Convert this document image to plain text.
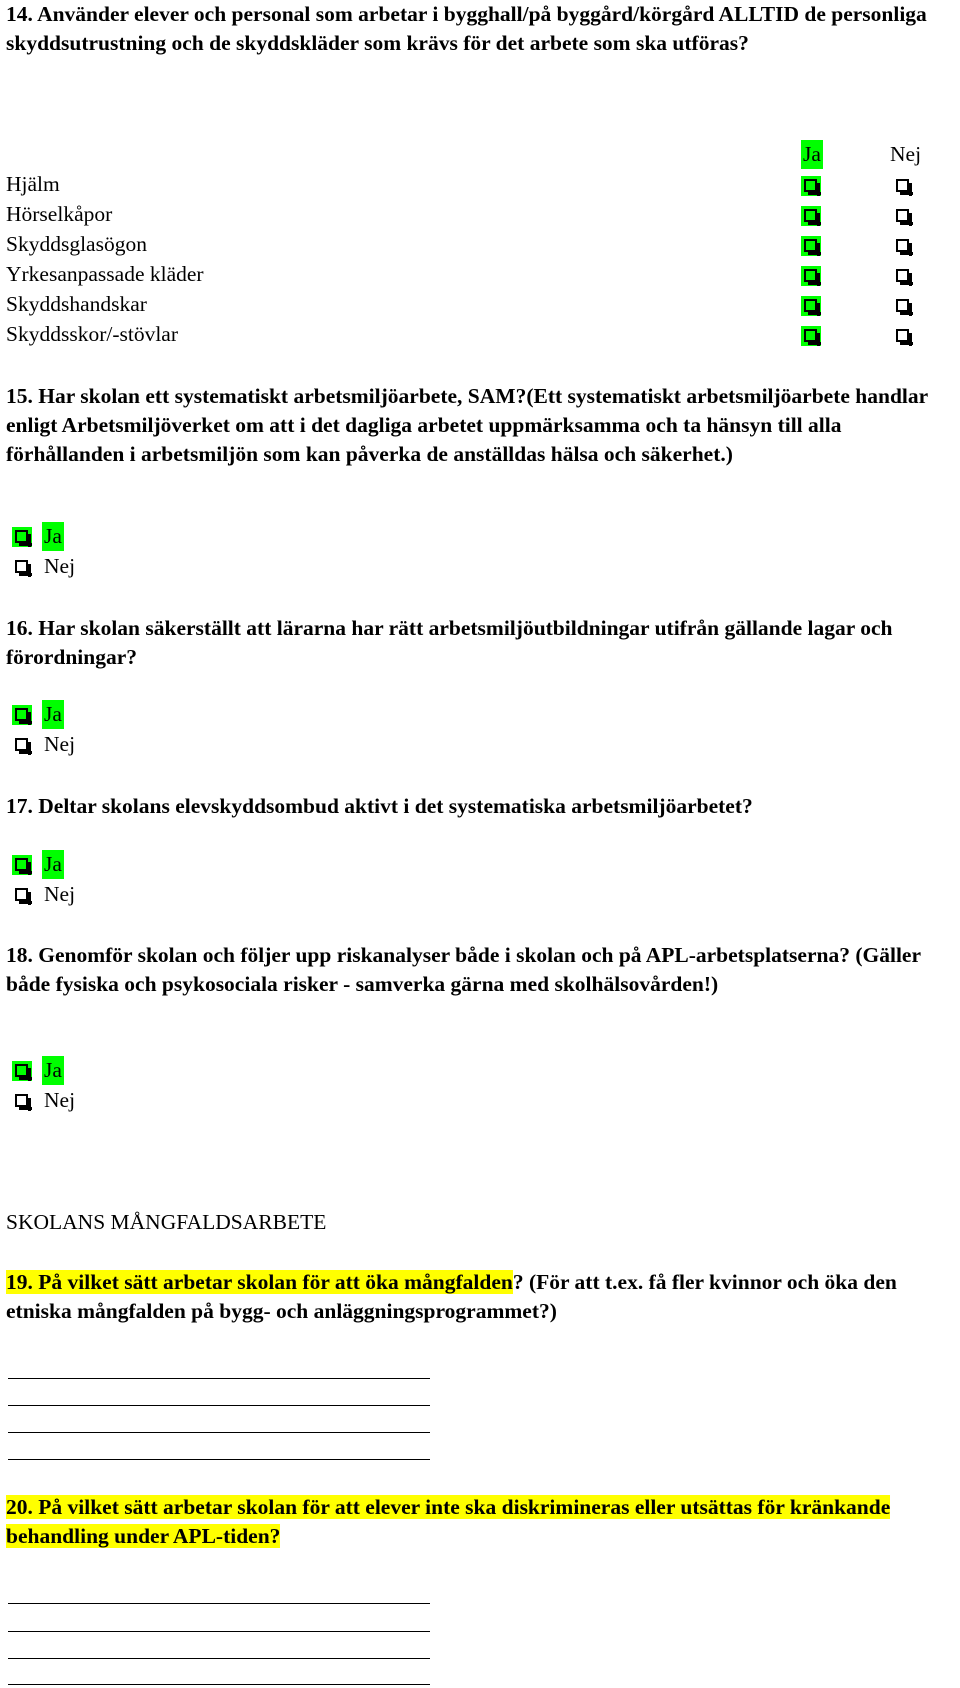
14. Använder elever och personal som arbetar i bygghall/på byggård/körgård ALLTID de personliga skyddsutrustning och de skyddskläder som krävs för det arbete som ska utföras?

Ja	Nej
Hjälm
Hörselkåpor
Skyddsglasögon
Yrkesanpassade kläder
Skyddshandskar
Skyddsskor/-stövlar

15. Har skolan ett systematiskt arbetsmiljöarbete, SAM?(Ett systematiskt arbetsmiljöarbete handlar enligt Arbetsmiljöverket om att i det dagliga arbetet uppmärksamma och ta hänsyn till alla förhållanden i arbetsmiljön som kan påverka de anställdas hälsa och säkerhet.)

Ja
Nej

16. Har skolan säkerställt att lärarna har rätt arbetsmiljöutbildningar utifrån gällande lagar och förordningar?

Ja
Nej

17. Deltar skolans elevskyddsombud aktivt i det systematiska arbetsmiljöarbetet?

Ja
Nej

18. Genomför skolan och följer upp riskanalyser både i skolan och på APL-arbetsplatserna? (Gäller både fysiska och psykosociala risker - samverka gärna med skolhälsovården!)

Ja
Nej
SKOLANS MÅNGFALDSARBETE

19. På vilket sätt arbetar skolan för att öka mångfalden? (För att t.ex. få fler kvinnor och öka den etniska mångfalden på bygg- och anläggningsprogrammet?)

20. På vilket sätt arbetar skolan för att elever inte ska diskrimineras eller utsättas för kränkande behandling under APL-tiden?
